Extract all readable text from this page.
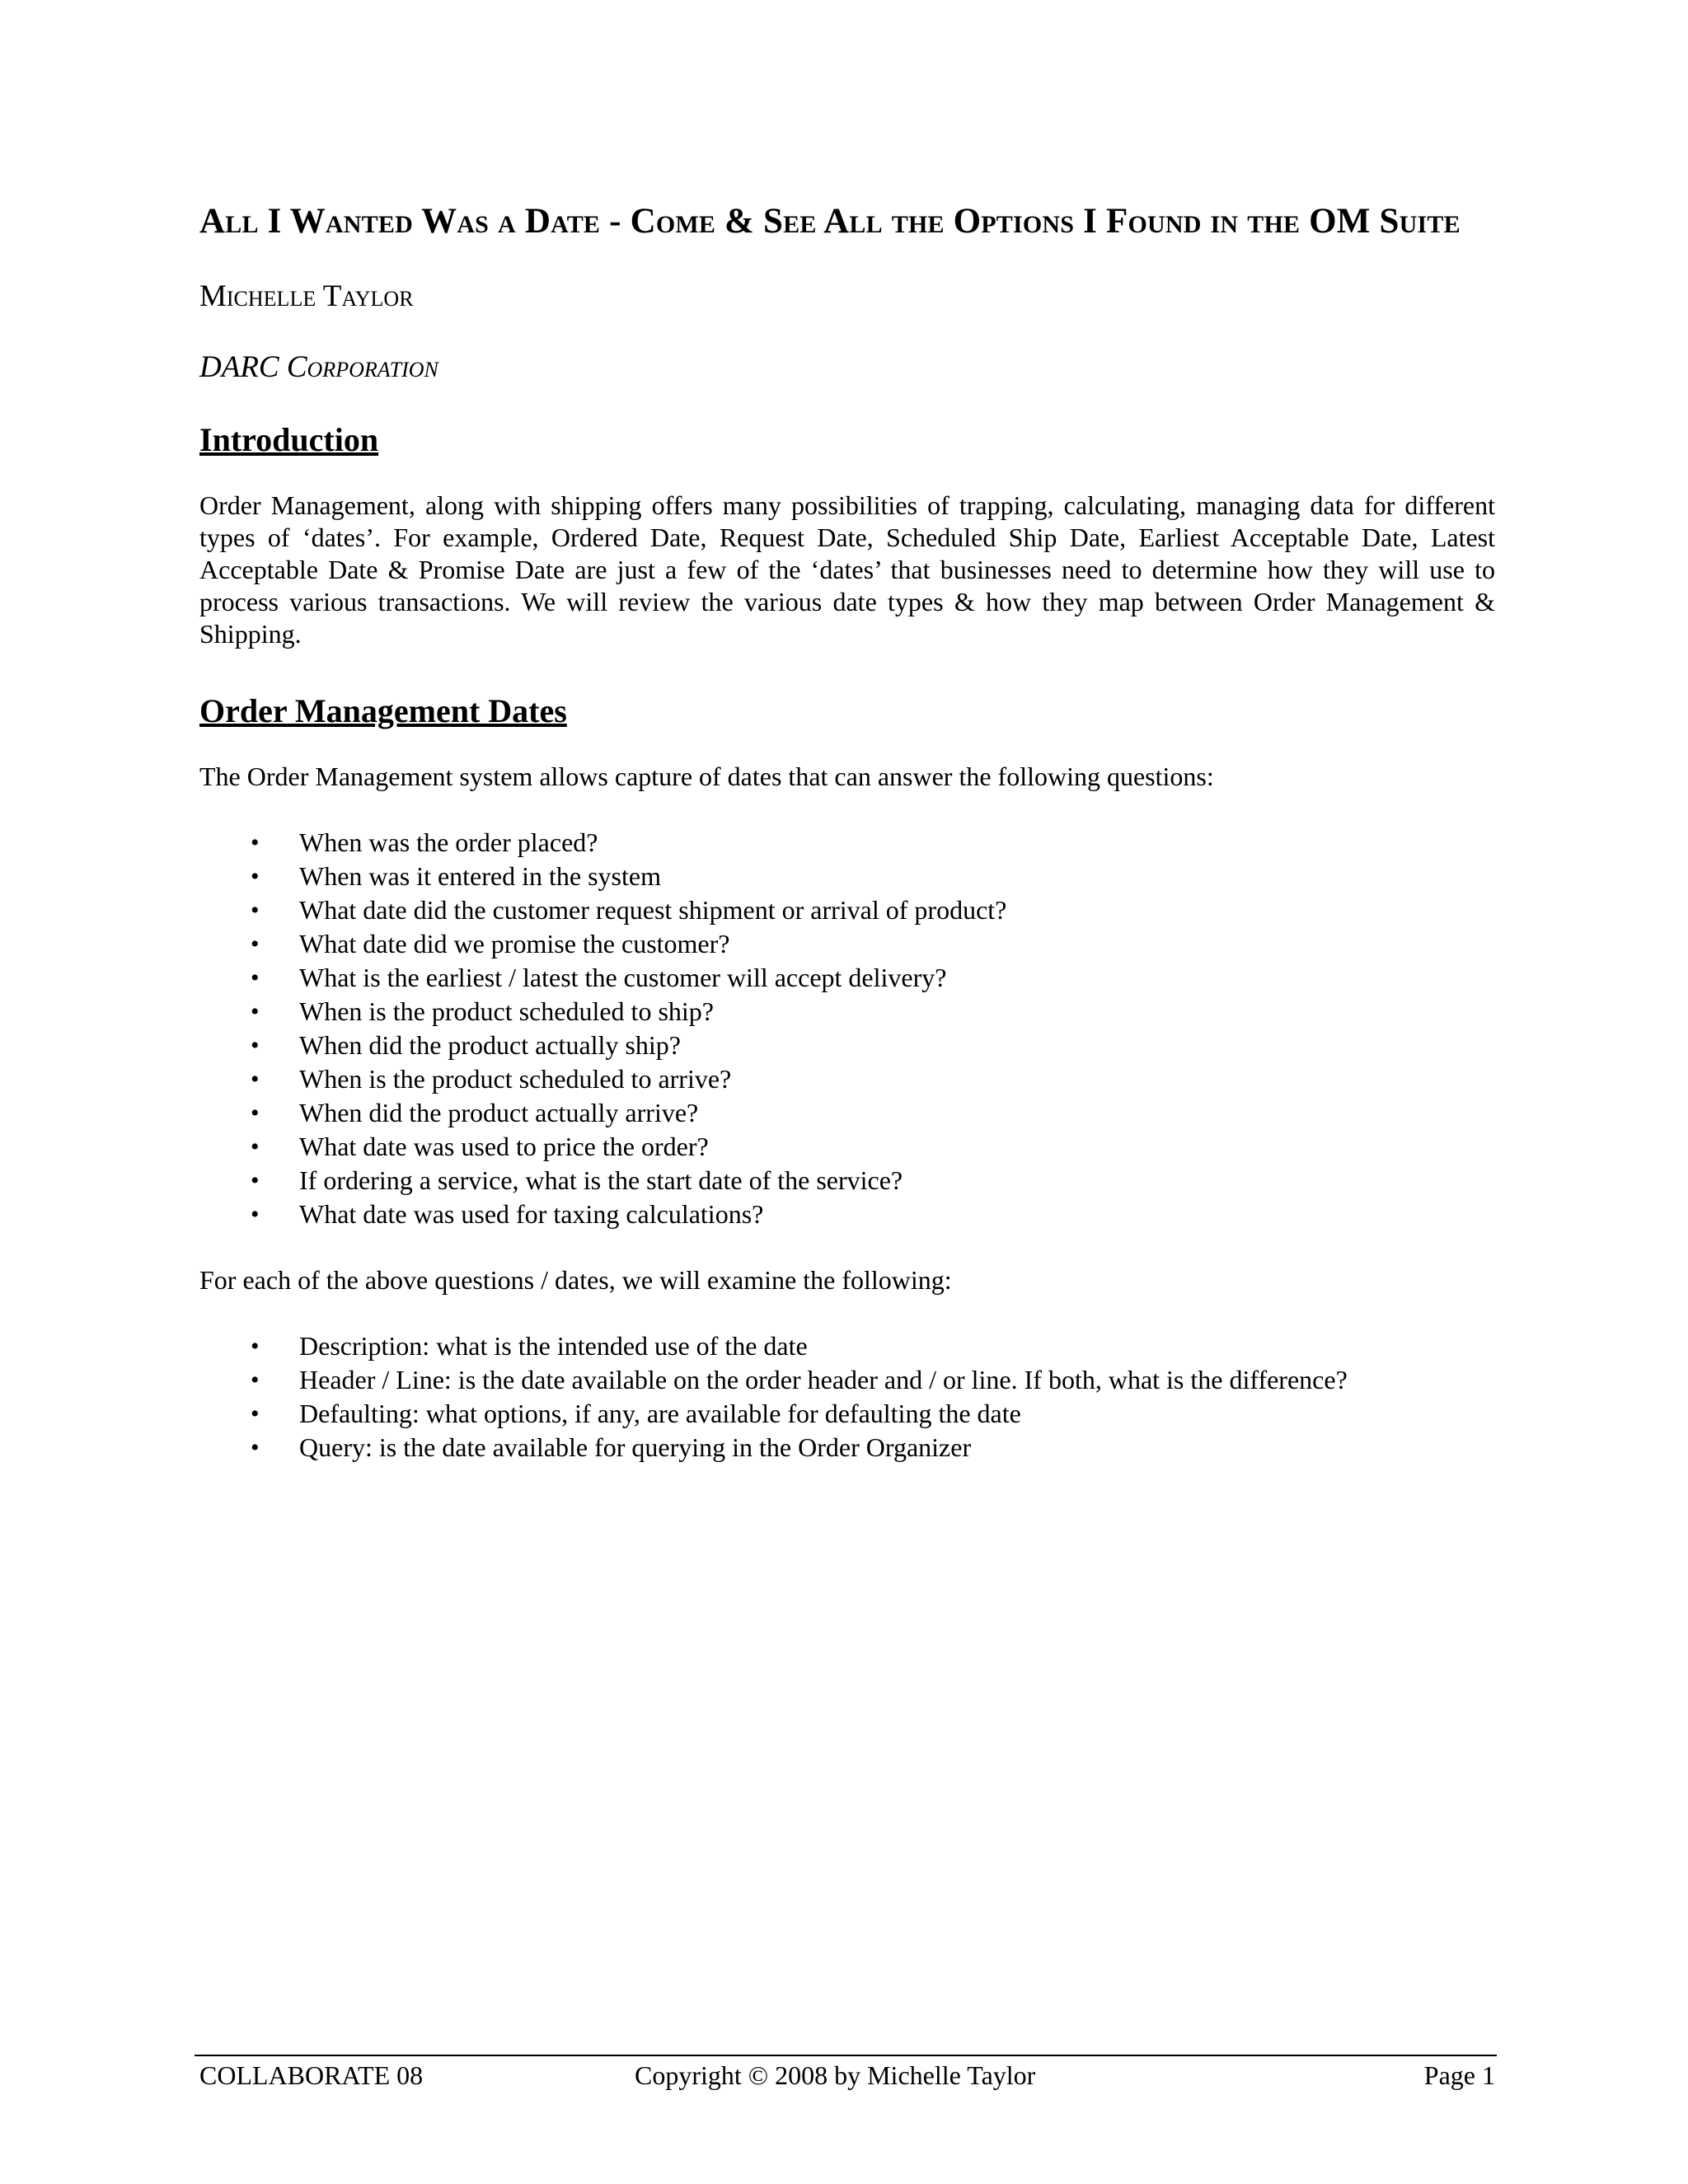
All I Wanted Was a Date - Come & See All the Options I Found in the OM Suite

Michelle Taylor

DARC Corporation

Introduction

Order Management, along with shipping offers many possibilities of trapping, calculating, managing data for different types of ‘dates’. For example, Ordered Date, Request Date, Scheduled Ship Date, Earliest Acceptable Date, Latest Acceptable Date & Promise Date are just a few of the ‘dates’ that businesses need to determine how they will use to process various transactions. We will review the various date types & how they map between Order Management & Shipping.

Order Management Dates

The Order Management system allows capture of dates that can answer the following questions:

• When was the order placed?
• When was it entered in the system
• What date did the customer request shipment or arrival of product?
• What date did we promise the customer?
• What is the earliest / latest the customer will accept delivery?
• When is the product scheduled to ship?
• When did the product actually ship?
• When is the product scheduled to arrive?
• When did the product actually arrive?
• What date was used to price the order?
• If ordering a service, what is the start date of the service?
• What date was used for taxing calculations?

For each of the above questions / dates, we will examine the following:

• Description: what is the intended use of the date
• Header / Line: is the date available on the order header and / or line. If both, what is the difference?
• Defaulting: what options, if any, are available for defaulting the date
• Query: is the date available for querying in the Order Organizer
COLLABORATE 08	Copyright © 2008 by Michelle Taylor	Page 1
